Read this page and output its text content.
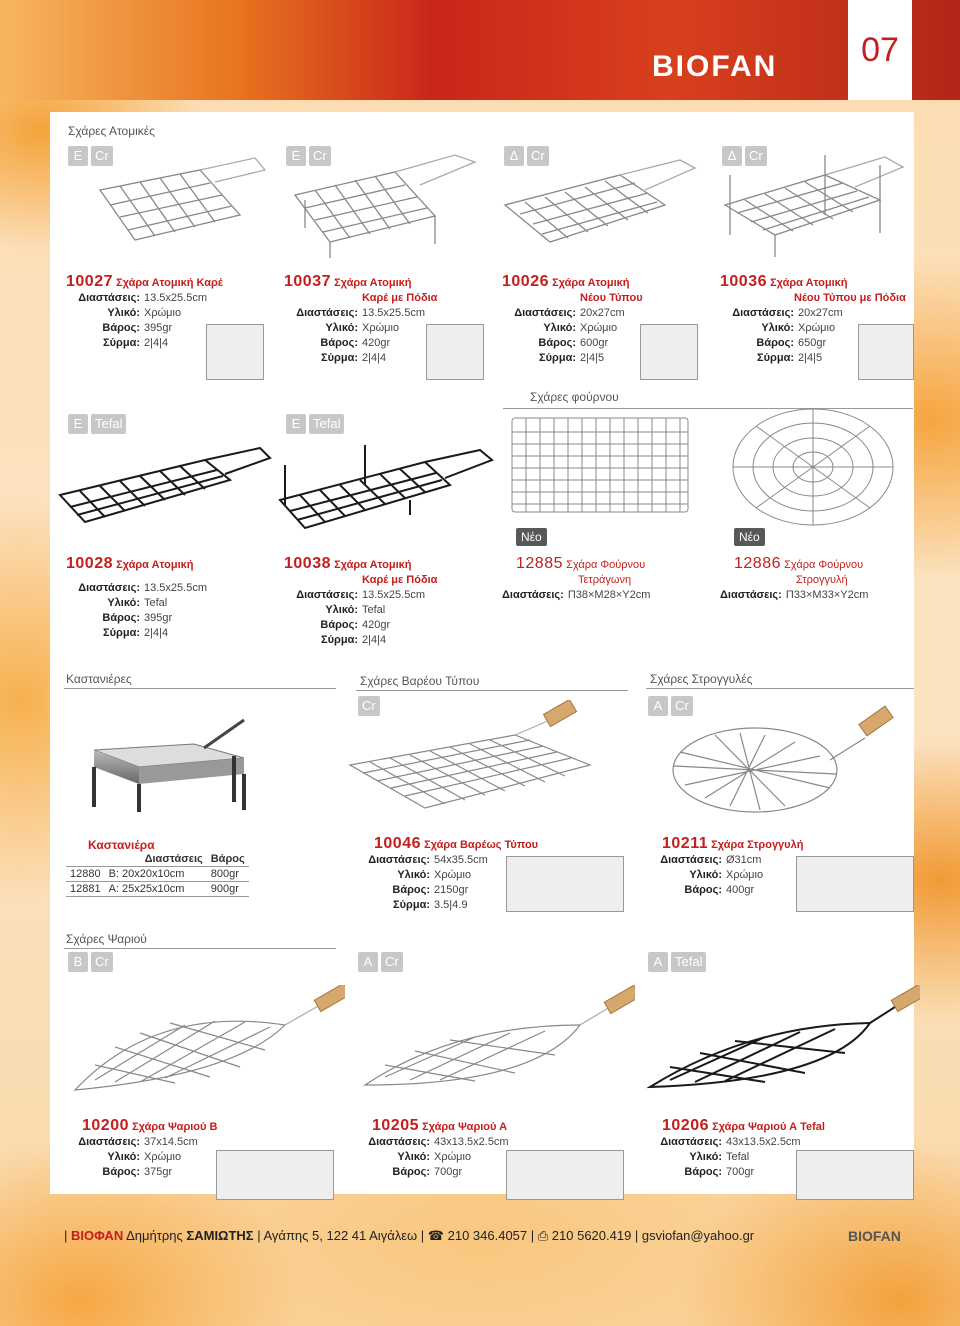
BIOFAN	07
Σχάρες Ατομικές
Σχάρες φούρνου
Καστανιέρες	Σχάρες Βαρέου Τύπου	Σχάρες Στρογγυλές
Σχάρες Ψαριού
E Cr	E Cr	Δ Cr	Δ Cr
E Tefal	E Tefal
Cr	A Cr
B Cr	A Cr	A Tefal
10027 Σχάρα Ατομική Καρέ
Διαστάσεις: 13.5x25.5cm
Υλικό: Χρώμιο
Βάρος: 395gr
Σύρμα: 2|4|4
10037 Σχάρα Ατομική
Καρέ με Πόδια
Διαστάσεις: 13.5x25.5cm
Υλικό: Χρώμιο
Βάρος: 420gr
Σύρμα: 2|4|4
10026 Σχάρα Ατομική
Νέου Τύπου
Διαστάσεις: 20x27cm
Υλικό: Χρώμιο
Βάρος: 600gr
Σύρμα: 2|4|5
10036 Σχάρα Ατομική
Νέου Τύπου με Πόδια
Διαστάσεις: 20x27cm
Υλικό: Χρώμιο
Βάρος: 650gr
Σύρμα: 2|4|5
10028 Σχάρα Ατομική
Διαστάσεις: 13.5x25.5cm
Υλικό: Tefal
Βάρος: 395gr
Σύρμα: 2|4|4
10038 Σχάρα Ατομική
Καρέ με Πόδια
Διαστάσεις: 13.5x25.5cm
Υλικό: Tefal
Βάρος: 420gr
Σύρμα: 2|4|4
Νέο
12885 Σχάρα Φούρνου
Τετράγωνη
Διαστάσεις: Π38×Μ28×Υ2cm
Νέο
12886 Σχάρα Φούρνου
Στρογγυλή
Διαστάσεις: Π33×Μ33×Υ2cm
Καστανιέρα
	Διαστάσεις	Βάρος
12880	B: 20x20x10cm	800gr
12881	A: 25x25x10cm	900gr
10046 Σχάρα Βαρέως Τύπου
Διαστάσεις: 54x35.5cm
Υλικό: Χρώμιο
Βάρος: 2150gr
Σύρμα: 3.5|4.9
10211 Σχάρα Στρογγυλή
Διαστάσεις: Ø31cm
Υλικό: Χρώμιο
Βάρος: 400gr
10200 Σχάρα Ψαριού Β
Διαστάσεις: 37x14.5cm
Υλικό: Χρώμιο
Βάρος: 375gr
10205 Σχάρα Ψαριού Α
Διαστάσεις: 43x13.5x2.5cm
Υλικό: Χρώμιο
Βάρος: 700gr
10206 Σχάρα Ψαριού Α Tefal
Διαστάσεις: 43x13.5x2.5cm
Υλικό: Tefal
Βάρος: 700gr
| ΒΙΟΦΑΝ Δημήτρης ΣΑΜΙΩΤΗΣ | Αγάπης 5, 122 41 Αιγάλεω | ☎ 210 346.4057 | ⎙ 210 5620.419 | gsviofan@yahoo.gr	BIOFAN
